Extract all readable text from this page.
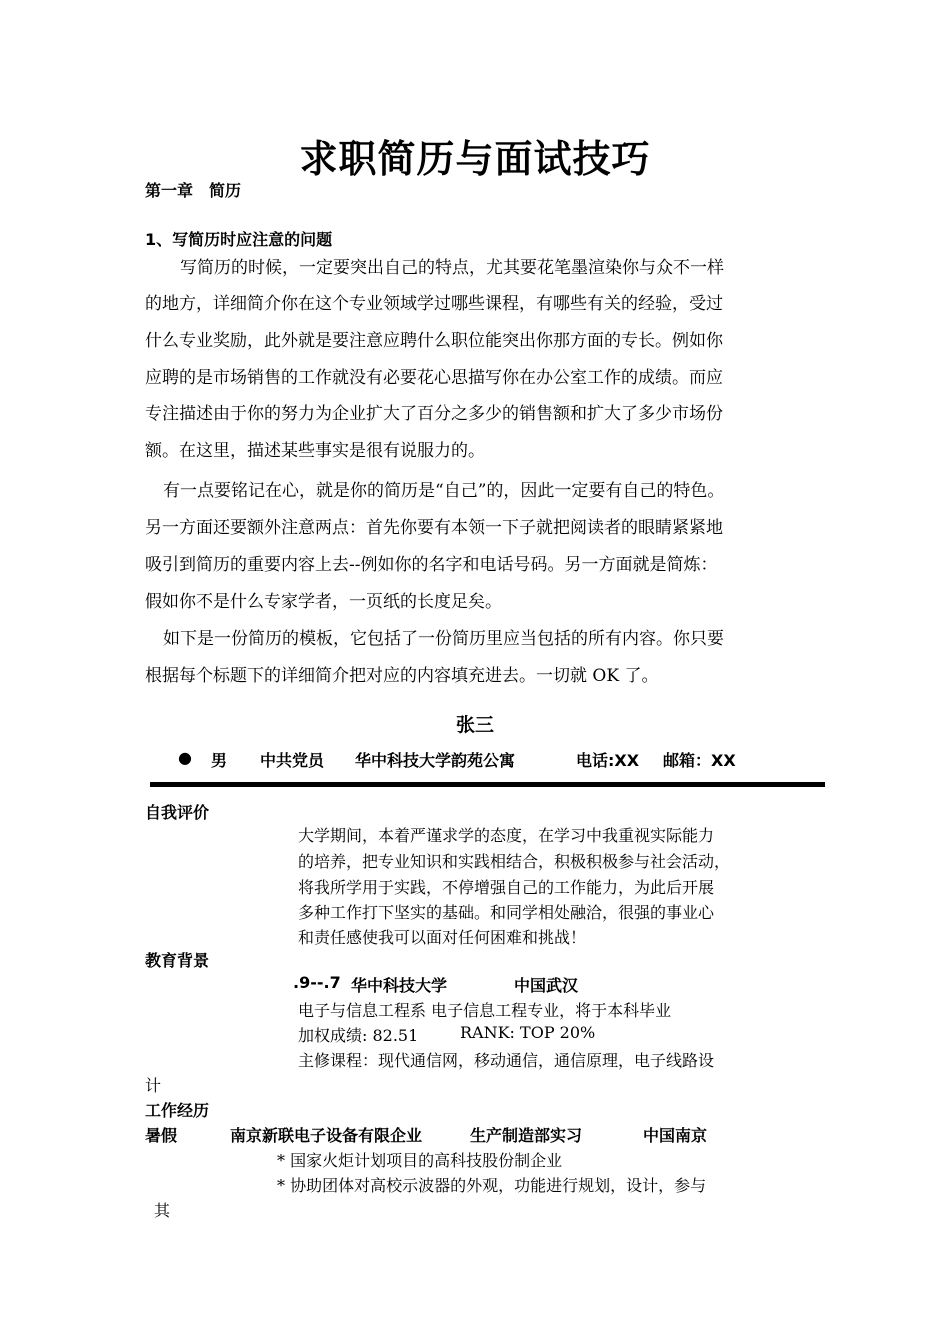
求职简历与面试技巧
第一章　简历
1、写简历时应注意的问题
写简历的时候，一定要突出自己的特点，尤其要花笔墨渲染你与众不一样
的地方，详细简介你在这个专业领域学过哪些课程，有哪些有关的经验，受过
什么专业奖励，此外就是要注意应聘什么职位能突出你那方面的专长。例如你
应聘的是市场销售的工作就没有必要花心思描写你在办公室工作的成绩。而应
专注描述由于你的努力为企业扩大了百分之多少的销售额和扩大了多少市场份
额。在这里，描述某些事实是很有说服力的。
有一点要铭记在心，就是你的简历是“自己”的，因此一定要有自己的特色。
另一方面还要额外注意两点：首先你要有本领一下子就把阅读者的眼睛紧紧地
吸引到简历的重要内容上去--例如你的名字和电话号码。另一方面就是简炼：
假如你不是什么专家学者，一页纸的长度足矣。
如下是一份简历的模板，它包括了一份简历里应当包括的所有内容。你只要
根据每个标题下的详细简介把对应的内容填充进去。一切就 OK 了。
张三
● 男 中共党员 华中科技大学韵苑公寓	电话:XX 邮箱：XX
自我评价
大学期间，本着严谨求学的态度，在学习中我重视实际能力
的培养，把专业知识和实践相结合，积极积极参与社会活动，
将我所学用于实践，不停增强自己的工作能力，为此后开展
多种工作打下坚实的基础。和同学相处融洽，很强的事业心
和责任感使我可以面对任何困难和挑战！
教育背景
.9--.7 华中科技大学	中国武汉
电子与信息工程系 电子信息工程专业，将于本科毕业
加权成绩: 82.51	RANK: TOP 20%
主修课程：现代通信网，移动通信，通信原理，电子线路设
计
工作经历
暑假	南京新联电子设备有限企业	生产制造部实习	中国南京
* 国家火炬计划项目的高科技股份制企业
* 协助团体对高校示波器的外观，功能进行规划，设计，参与
其
